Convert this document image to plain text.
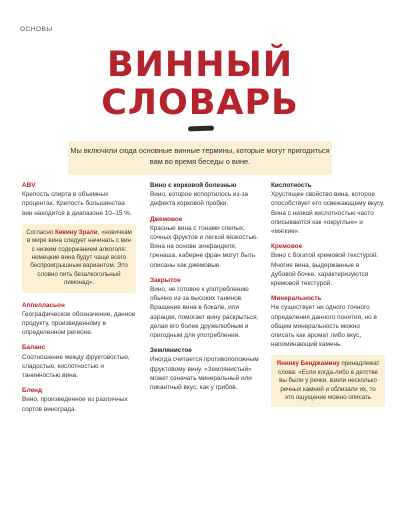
ОСНОВЫ
ВИННЫЙ
СЛОВАРЬ
Мы включили сюда основные винные термины, которые могут пригодиться вам во время беседы о вине.

ABV

Крепость спирта в объемных процентах. Крепость большинства вин находится в диапазоне 10–15 %.

Согласно Кевину Зрали, «новичкам в мире вина следует начинать с вин с низким содержанием алкоголя: немецкие вина будут чаще всего беспроигрышным вариантом. Это словно пить безалкогольный лимонад».

Аппелласьон

Географическое обозначение, данное продукту, произведенному в определенном регионе.

Баланс

Соотношение между фруктовостью, сладостью, кислотностью и танинностью вина.

Бленд

Вино, произведенное из различных сортов винограда.

Вино с корковой болезнью

Вино, которое испортилось из-за дефекта корковой пробки.

Джемовое

Красные вина с тонами спелых, сочных фруктов и легкой вязкостью. Вина на основе зинфанделя, гренаша, каберне фран могут быть описаны как джемовые.

Закрытое

Вино, не готовое к употреблению обычно из-за высоких танинов. Вращение вина в бокале, или аэрация, помогает вину раскрыться, делая его более дружелюбным и пригодным для употребления.

Землянистое

Иногда считается противоположным фруктовому вину. «Землянистый» может означать минеральный или пикантный вкус, как у грибов.

Кислотность

Хрустящее свойство вина, которое способствует его освежающему вкусу. Вина с низкой кислотностью часто описываются как «округлые» и «мягкие».

Кремовое

Вино с богатой кремовой текстурой. Многие вина, выдержанные в дубовой бочке, характеризуются кремовой текстурой.

Минеральность

Не существует ни одного точного определения данного понятия, но в общем минеральность можно описать как аромат либо вкус, напоминающий камень.

Янинку Бенджамину принадлежат слова: «Если когда-либо в детстве вы были у речки, взяли несколько речных камней и облизали их, то это ощущение можно описать
